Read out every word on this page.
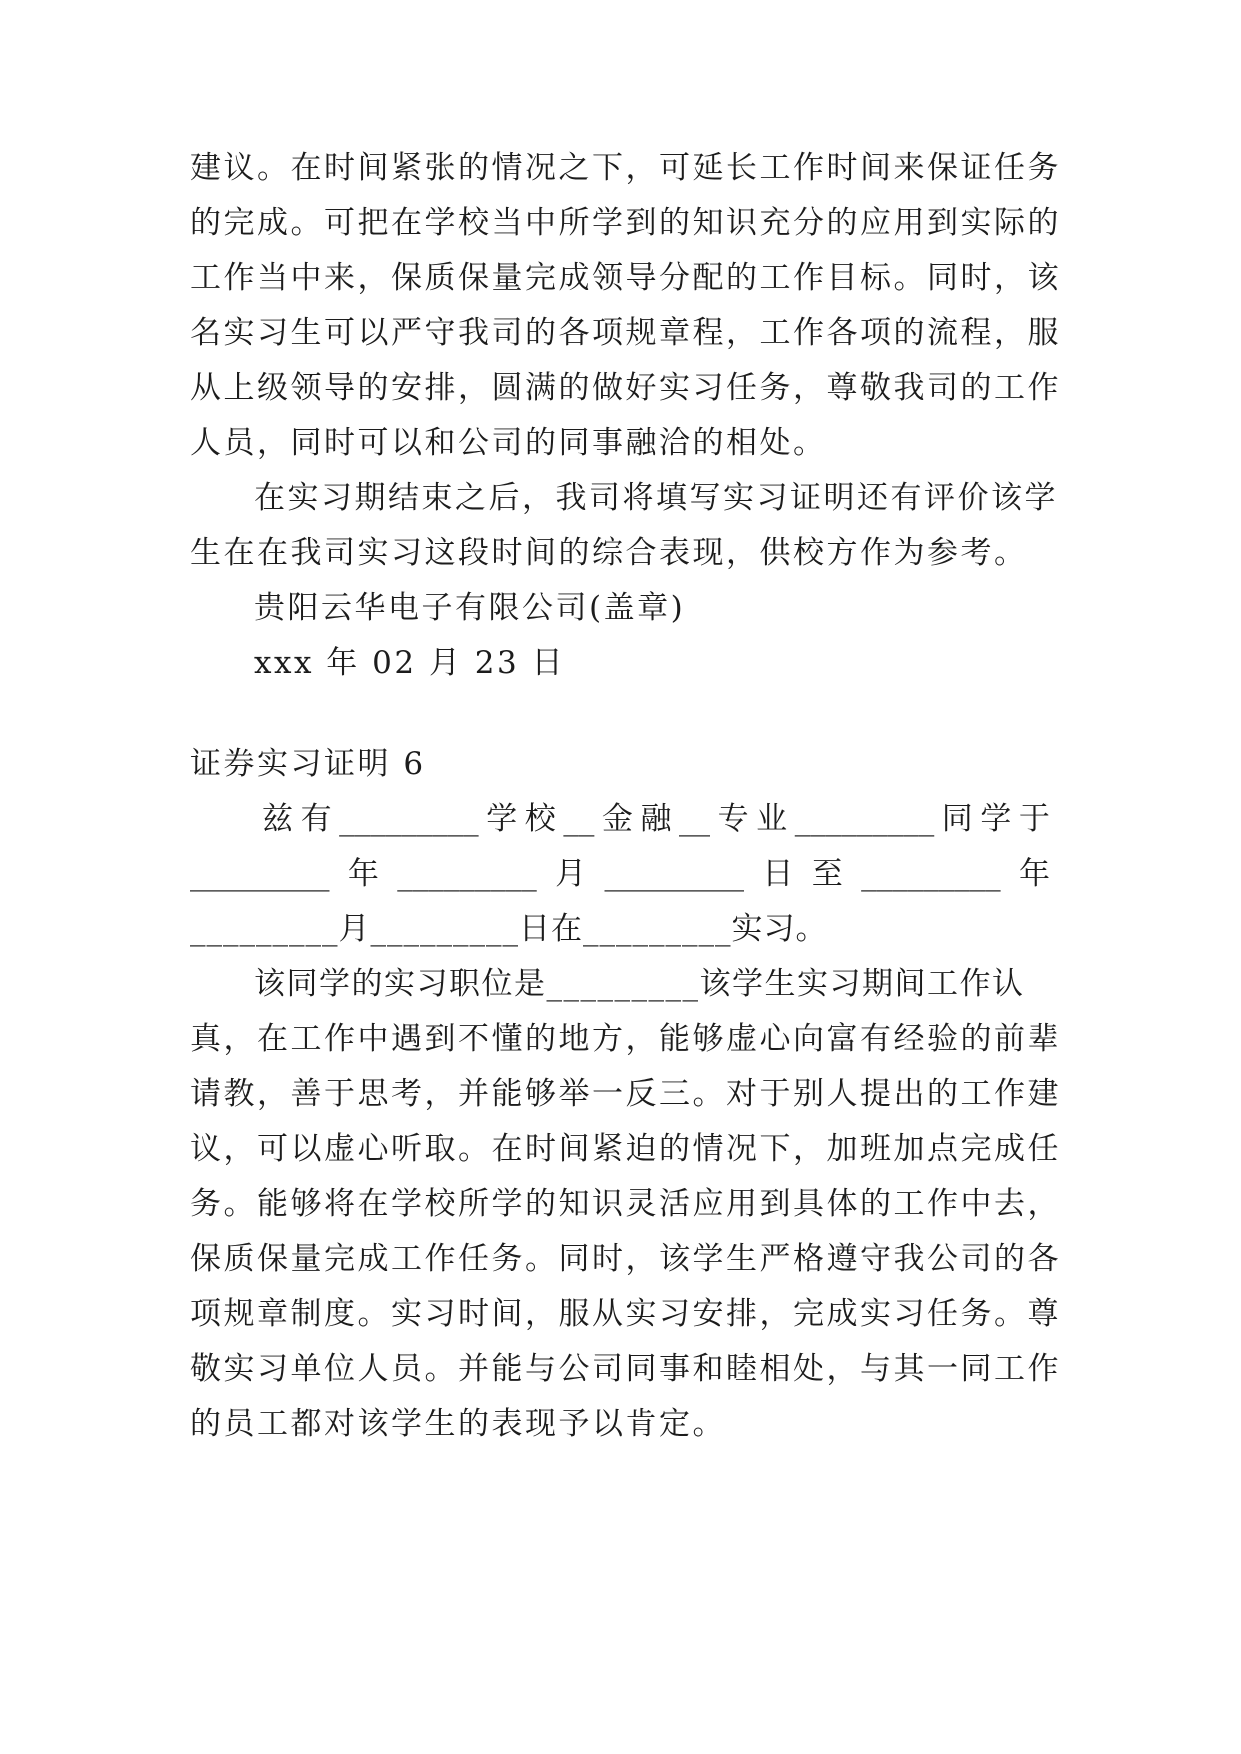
建议。在时间紧张的情况之下，可延长工作时间来保证任务
的完成。可把在学校当中所学到的知识充分的应用到实际的
工作当中来，保质保量完成领导分配的工作目标。同时，该
名实习生可以严守我司的各项规章程，工作各项的流程，服
从上级领导的安排，圆满的做好实习任务，尊敬我司的工作
人员，同时可以和公司的同事融洽的相处。
在实习期结束之后，我司将填写实习证明还有评价该学
生在在我司实习这段时间的综合表现，供校方作为参考。
贵阳云华电子有限公司(盖章)
xxx 年 02 月 23 日
证券实习证明 6
兹 有 _________ 学 校 __ 金 融 __ 专 业 _________ 同 学 于
_________ 年 _________ 月 _________ 日 至 _________ 年
_________月_________日在_________实习。
该同学的实习职位是_________该学生实习期间工作认
真，在工作中遇到不懂的地方，能够虚心向富有经验的前辈
请教，善于思考，并能够举一反三。对于别人提出的工作建
议，可以虚心听取。在时间紧迫的情况下，加班加点完成任
务。能够将在学校所学的知识灵活应用到具体的工作中去，
保质保量完成工作任务。同时，该学生严格遵守我公司的各
项规章制度。实习时间，服从实习安排，完成实习任务。尊
敬实习单位人员。并能与公司同事和睦相处，与其一同工作
的员工都对该学生的表现予以肯定。
